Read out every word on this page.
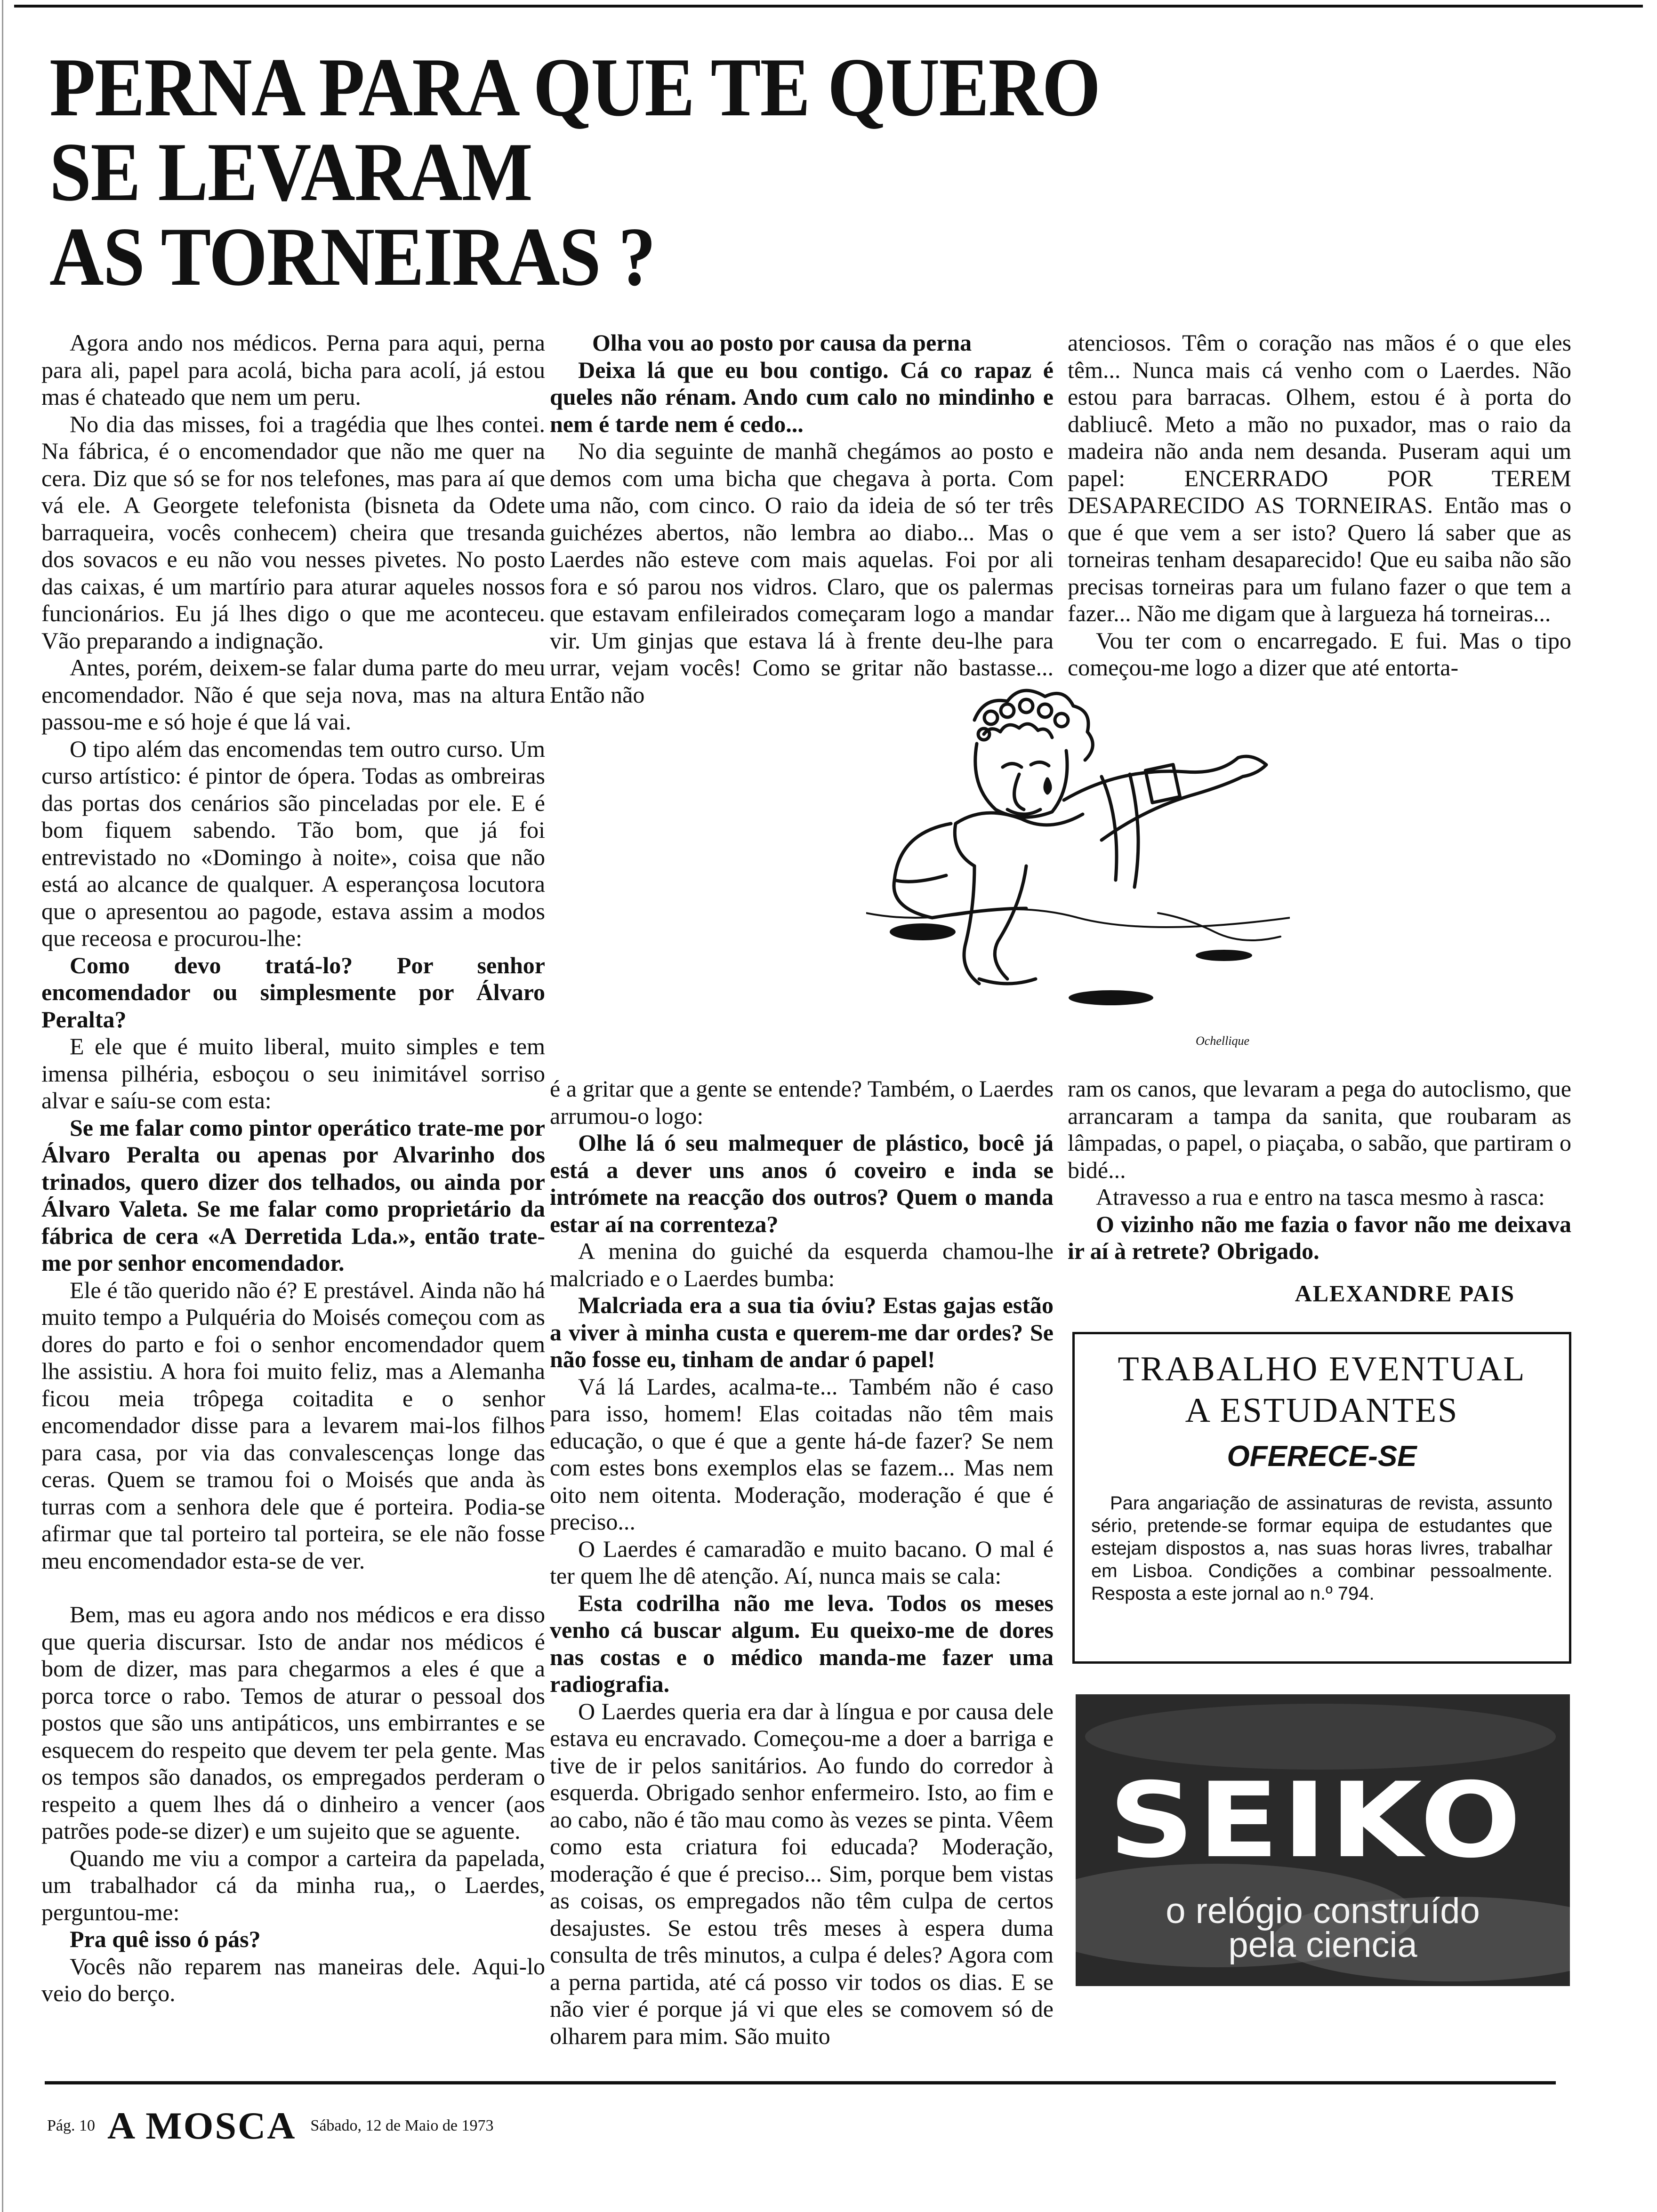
PERNA PARA QUE TE QUERO
SE LEVARAM
AS TORNEIRAS ?

Agora ando nos médicos. Perna para aqui, perna para ali, papel para acolá, bicha para acolí, já estou mas é chateado que nem um peru.

No dia das misses, foi a tragédia que lhes contei. Na fábrica, é o encomendador que não me quer na cera. Diz que só se for nos telefones, mas para aí que vá ele. A Georgete telefonista (bisneta da Odete barraqueira, vocês conhecem) cheira que tresanda dos sovacos e eu não vou nesses pivetes. No posto das caixas, é um martírio para aturar aqueles nossos funcionários. Eu já lhes digo o que me aconteceu. Vão preparando a indignação.

Antes, porém, deixem-se falar duma parte do meu encomendador. Não é que seja nova, mas na altura passou-me e só hoje é que lá vai.

O tipo além das encomendas tem outro curso. Um curso artístico: é pintor de ópera. Todas as ombreiras das portas dos cenários são pinceladas por ele. E é bom fiquem sabendo. Tão bom, que já foi entrevistado no «Domingo à noite», coisa que não está ao alcance de qualquer. A esperançosa locutora que o apresentou ao pagode, estava assim a modos que receosa e procurou-lhe:

Como devo tratá-lo? Por senhor encomendador ou simplesmente por Álvaro Peralta?

E ele que é muito liberal, muito simples e tem imensa pilhéria, esboçou o seu inimitável sorriso alvar e saíu-se com esta:

Se me falar como pintor operático trate-me por Álvaro Peralta ou apenas por Alvarinho dos trinados, quero dizer dos telhados, ou ainda por Álvaro Valeta. Se me falar como proprietário da fábrica de cera «A Derretida Lda.», então trate-me por senhor encomendador.

Ele é tão querido não é? E prestável. Ainda não há muito tempo a Pulquéria do Moisés começou com as dores do parto e foi o senhor encomendador quem lhe assistiu. A hora foi muito feliz, mas a Alemanha ficou meia trôpega coitadita e o senhor encomendador disse para a levarem mai-los filhos para casa, por via das convalescenças longe das ceras. Quem se tramou foi o Moisés que anda às turras com a senhora dele que é porteira. Podia-se afirmar que tal porteiro tal porteira, se ele não fosse meu encomendador esta-se de ver.

Bem, mas eu agora ando nos médicos e era disso que queria discursar. Isto de andar nos médicos é bom de dizer, mas para chegarmos a eles é que a porca torce o rabo. Temos de aturar o pessoal dos postos que são uns antipáticos, uns embirrantes e se esquecem do respeito que devem ter pela gente. Mas os tempos são danados, os empregados perderam o respeito a quem lhes dá o dinheiro a vencer (aos patrões pode-se dizer) e um sujeito que se aguente.

Quando me viu a compor a carteira da papelada, um trabalhador cá da minha rua,, o Laerdes, perguntou-me:

Pra quê isso ó pás?

Vocês não reparem nas maneiras dele. Aqui-lo veio do berço.

Olha vou ao posto por causa da perna

Deixa lá que eu bou contigo. Cá co rapaz é queles não rénam. Ando cum calo no mindinho e nem é tarde nem é cedo...

No dia seguinte de manhã chegámos ao posto e demos com uma bicha que chegava à porta. Com uma não, com cinco. O raio da ideia de só ter três guichézes abertos, não lembra ao diabo... Mas o Laerdes não esteve com mais aquelas. Foi por ali fora e só parou nos vidros. Claro, que os palermas que estavam enfileirados começaram logo a mandar vir. Um ginjas que estava lá à frente deu-lhe para urrar, vejam vocês! Como se gritar não bastasse... Então não

atenciosos. Têm o coração nas mãos é o que eles têm... Nunca mais cá venho com o Laerdes. Não estou para barracas. Olhem, estou é à porta do dabliucê. Meto a mão no puxador, mas o raio da madeira não anda nem desanda. Puseram aqui um papel: ENCERRADO POR TEREM DESAPARECIDO AS TORNEIRAS. Então mas o que é que vem a ser isto? Quero lá saber que as torneiras tenham desaparecido! Que eu saiba não são precisas torneiras para um fulano fazer o que tem a fazer... Não me digam que à largueza há torneiras...

Vou ter com o encarregado. E fui. Mas o tipo começou-me logo a dizer que até entorta-

é a gritar que a gente se entende? Também, o Laerdes arrumou-o logo:

Olhe lá ó seu malmequer de plástico, bocê já está a dever uns anos ó coveiro e inda se intrómete na reacção dos outros? Quem o manda estar aí na correnteza?

A menina do guiché da esquerda chamou-lhe malcriado e o Laerdes bumba:

Malcriada era a sua tia óviu? Estas gajas estão a viver à minha custa e querem-me dar ordes? Se não fosse eu, tinham de andar ó papel!

Vá lá Lardes, acalma-te... Também não é caso para isso, homem! Elas coitadas não têm mais educação, o que é que a gente há-de fazer? Se nem com estes bons exemplos elas se fazem... Mas nem oito nem oitenta. Moderação, moderação é que é preciso...

O Laerdes é camaradão e muito bacano. O mal é ter quem lhe dê atenção. Aí, nunca mais se cala:

Esta codrilha não me leva. Todos os meses venho cá buscar algum. Eu queixo-me de dores nas costas e o médico manda-me fazer uma radiografia.

O Laerdes queria era dar à língua e por causa dele estava eu encravado. Começou-me a doer a barriga e tive de ir pelos sanitários. Ao fundo do corredor à esquerda. Obrigado senhor enfermeiro. Isto, ao fim e ao cabo, não é tão mau como às vezes se pinta. Vêem como esta criatura foi educada? Moderação, moderação é que é preciso... Sim, porque bem vistas as coisas, os empregados não têm culpa de certos desajustes. Se estou três meses à espera duma consulta de três minutos, a culpa é deles? Agora com a perna partida, até cá posso vir todos os dias. E se não vier é porque já vi que eles se comovem só de olharem para mim. São muito

ram os canos, que levaram a pega do autoclismo, que arrancaram a tampa da sanita, que roubaram as lâmpadas, o papel, o piaçaba, o sabão, que partiram o bidé...

Atravesso a rua e entro na tasca mesmo à rasca:

O vizinho não me fazia o favor não me deixava ir aí à retrete? Obrigado.

ALEXANDRE PAIS
Ochellique
TRABALHO EVENTUAL
A ESTUDANTES
OFERECE-SE

Para angariação de assinaturas de revista, assunto sério, pretende-se formar equipa de estudantes que estejam dispostos a, nas suas horas livres, trabalhar em Lisboa. Condições a combinar pessoalmente. Resposta a este jornal ao n.º 794.

SEIKO
o relógio construído
pela ciencia
Pág. 10 A MOSCA Sábado, 12 de Maio de 1973
